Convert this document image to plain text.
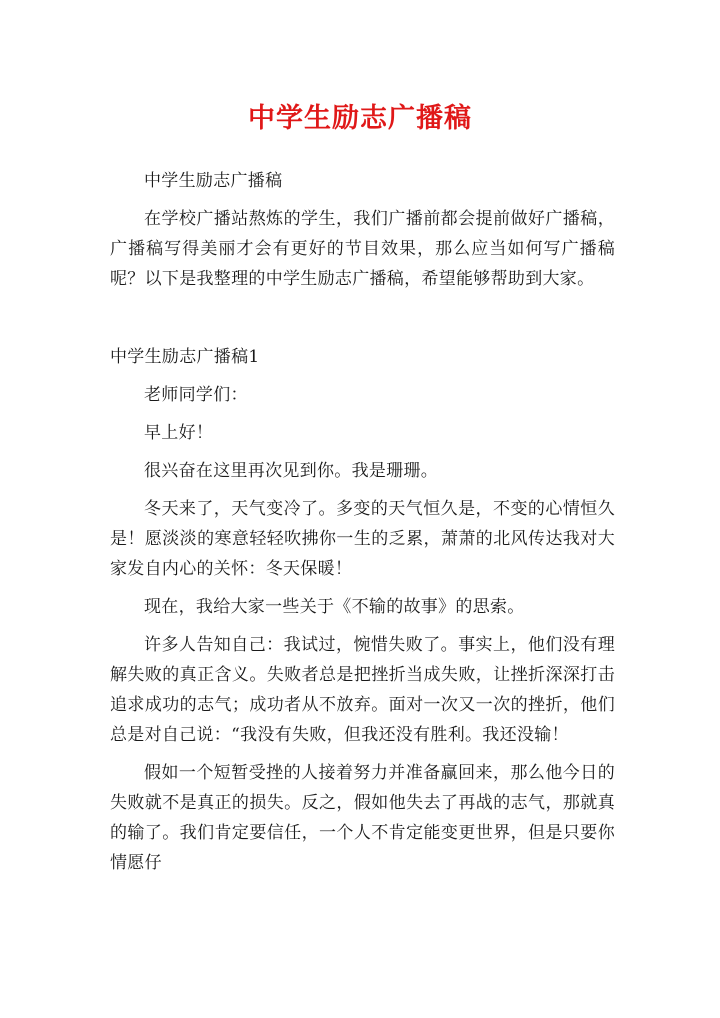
中学生励志广播稿

中学生励志广播稿

在学校广播站熬炼的学生，我们广播前都会提前做好广播稿，广播稿写得美丽才会有更好的节目效果，那么应当如何写广播稿呢？以下是我整理的中学生励志广播稿，希望能够帮助到大家。

中学生励志广播稿1

老师同学们：

早上好！

很兴奋在这里再次见到你。我是珊珊。

冬天来了，天气变冷了。多变的天气恒久是，不变的心情恒久是！愿淡淡的寒意轻轻吹拂你一生的乏累，萧萧的北风传达我对大家发自内心的关怀：冬天保暖！

现在，我给大家一些关于《不输的故事》的思索。

许多人告知自己：我试过，惋惜失败了。事实上，他们没有理解失败的真正含义。失败者总是把挫折当成失败，让挫折深深打击追求成功的志气；成功者从不放弃。面对一次又一次的挫折，他们总是对自己说：“我没有失败，但我还没有胜利。我还没输！

假如一个短暂受挫的人接着努力并准备赢回来，那么他今日的失败就不是真正的损失。反之，假如他失去了再战的志气，那就真的输了。我们肯定要信任，一个人不肯定能变更世界，但是只要你情愿仔
